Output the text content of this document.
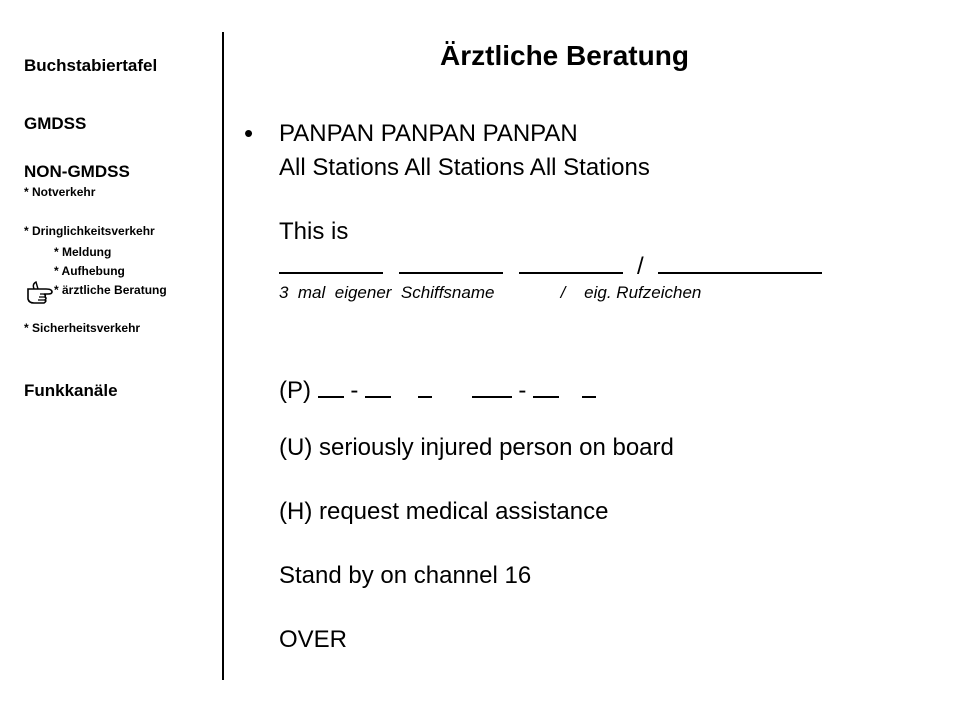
Buchstabiertafel
GMDSS
NON-GMDSS
* Notverkehr
* Dringlichkeitsverkehr
* Meldung
* Aufhebung
* ärztliche Beratung
* Sicherheitsverkehr
Funkkanäle
Ärztliche Beratung
• PANPAN PANPAN PANPAN
All Stations All Stations All Stations
This is
/
3  mal  eigener  Schiffsname              /    eig. Rufzeichen
(P) -	-
(U) seriously injured person on board
(H) request medical assistance
Stand by on channel 16
OVER
